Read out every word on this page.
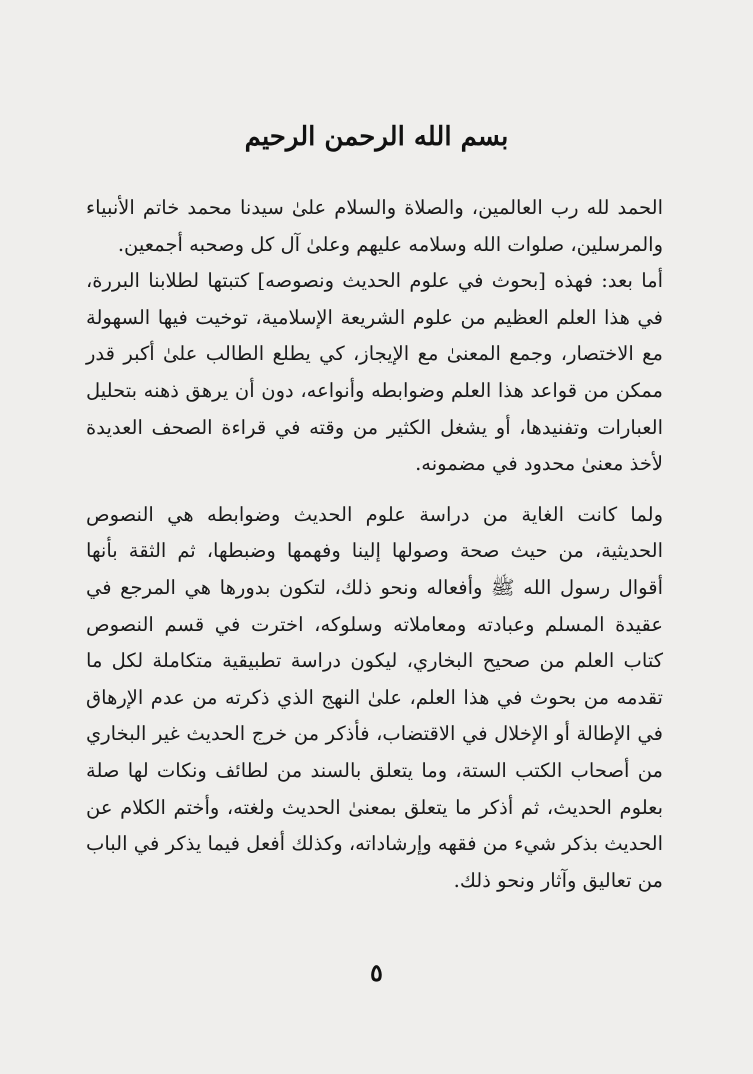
بسم الله الرحمن الرحيم

الحمد لله رب العالمين، والصلاة والسلام علىٰ سيدنا محمد خاتم الأنبياء والمرسلين، صلوات الله وسلامه عليهم وعلىٰ آل كل وصحبه أجمعين.

أما بعد: فهذه [بحوث في علوم الحديث ونصوصه] كتبتها لطلابنا البررة، في هذا العلم العظيم من علوم الشريعة الإسلامية، توخيت فيها السهولة مع الاختصار، وجمع المعنىٰ مع الإيجاز، كي يطلع الطالب علىٰ أكبر قدر ممكن من قواعد هذا العلم وضوابطه وأنواعه، دون أن يرهق ذهنه بتحليل العبارات وتفنيدها، أو يشغل الكثير من وقته في قراءة الصحف العديدة لأخذ معنىٰ محدود في مضمونه.

ولما كانت الغاية من دراسة علوم الحديث وضوابطه هي النصوص الحديثية، من حيث صحة وصولها إلينا وفهمها وضبطها، ثم الثقة بأنها أقوال رسول الله ﷺ وأفعاله ونحو ذلك، لتكون بدورها هي المرجع في عقيدة المسلم وعبادته ومعاملاته وسلوكه، اخترت في قسم النصوص كتاب العلم من صحيح البخاري، ليكون دراسة تطبيقية متكاملة لكل ما تقدمه من بحوث في هذا العلم، علىٰ النهج الذي ذكرته من عدم الإرهاق في الإطالة أو الإخلال في الاقتضاب، فأذكر من خرج الحديث غير البخاري من أصحاب الكتب الستة، وما يتعلق بالسند من لطائف ونكات لها صلة بعلوم الحديث، ثم أذكر ما يتعلق بمعنىٰ الحديث ولغته، وأختم الكلام عن الحديث بذكر شيء من فقهه وإرشاداته، وكذلك أفعل فيما يذكر في الباب من تعاليق وآثار ونحو ذلك.

٥
